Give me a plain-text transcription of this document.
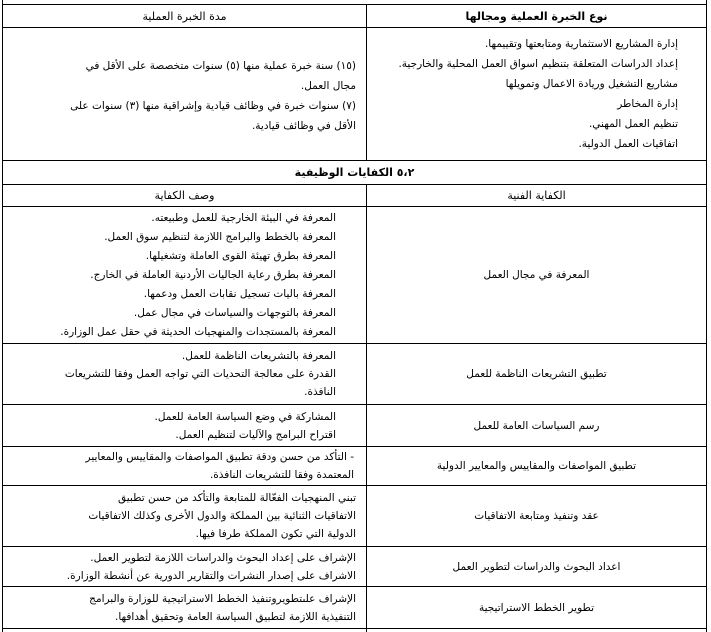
نوع الخبرة العملية ومجالها
مدة الخبرة العملية
إدارة المشاريع الاستثمارية ومتابعتها وتقييمها.
إعداد الدراسات المتعلقة بتنظيم اسواق العمل المحلية والخارجية.
مشاريع التشغيل وريادة الاعمال وتمويلها
إدارة المخاطر
تنظيم العمل المهني.
اتفاقيات العمل الدولية.
(١٥) سنة خبرة عملية منها (٥) سنوات متخصصة على الأقل في
مجال العمل.
(٧) سنوات خبرة في وظائف قيادية وإشراقية منها (٣) سنوات على
الأقل في وظائف قيادية.
٥،٢ الكفايات الوظيفية
الكفاية الفنية
وصف الكفاية
المعرفة في مجال العمل
المعرفة في البيئة الخارجية للعمل وطبيعته.
المعرفة بالخطط والبرامج اللازمة لتنظيم سوق العمل.
المعرفة بطرق تهيئة القوى العاملة وتشغيلها.
المعرفة بطرق رعاية الجاليات الأردنية العاملة في الخارج.
المعرفة باليات تسجيل نقابات العمل ودعمها.
المعرفة بالتوجهات والسياسات في مجال عمل.
المعرفة بالمستجدات والمنهجيات الحديثة في حقل عمل الوزارة.
تطبيق التشريعات الناظمة للعمل
المعرفة بالتشريعات الناظمة للعمل.
القدرة على معالجة التحديات التي تواجه العمل وفقا للتشريعات
النافذة.
رسم السياسات العامة للعمل
المشاركة في وضع السياسة العامة للعمل.
اقتراح البرامج والآليات لتنظيم العمل.
تطبيق المواصفات والمقاييس والمعايير الدولية
- التأكد من حسن ودقة تطبيق المواصفات والمقاييس والمعايير
المعتمدة وفقا للتشريعات النافذة.
عقد وتنفيذ ومتابعة الاتفاقيات
تبني المنهجيات الفعّالة للمتابعة والتأكد من حسن تطبيق
الاتفاقيات الثنائية بين المملكة والدول الأخرى وكذلك الاتفاقيات
الدولية التي تكون المملكة طرفا فيها.
اعداد البحوث والدراسات لتطوير العمل
الإشراف على إعداد البحوث والدراسات اللازمة لتطوير العمل.
الاشراف على إصدار النشرات والتقارير الدورية عن أنشطة الوزارة.
تطوير الخطط الاستراتيجية
الإشراف علىتطويروتنفيذ الخطط الاستراتيجية للوزارة والبرامج
التنفيذية اللازمة لتطبيق السياسة العامة وتحقيق أهدافها.
